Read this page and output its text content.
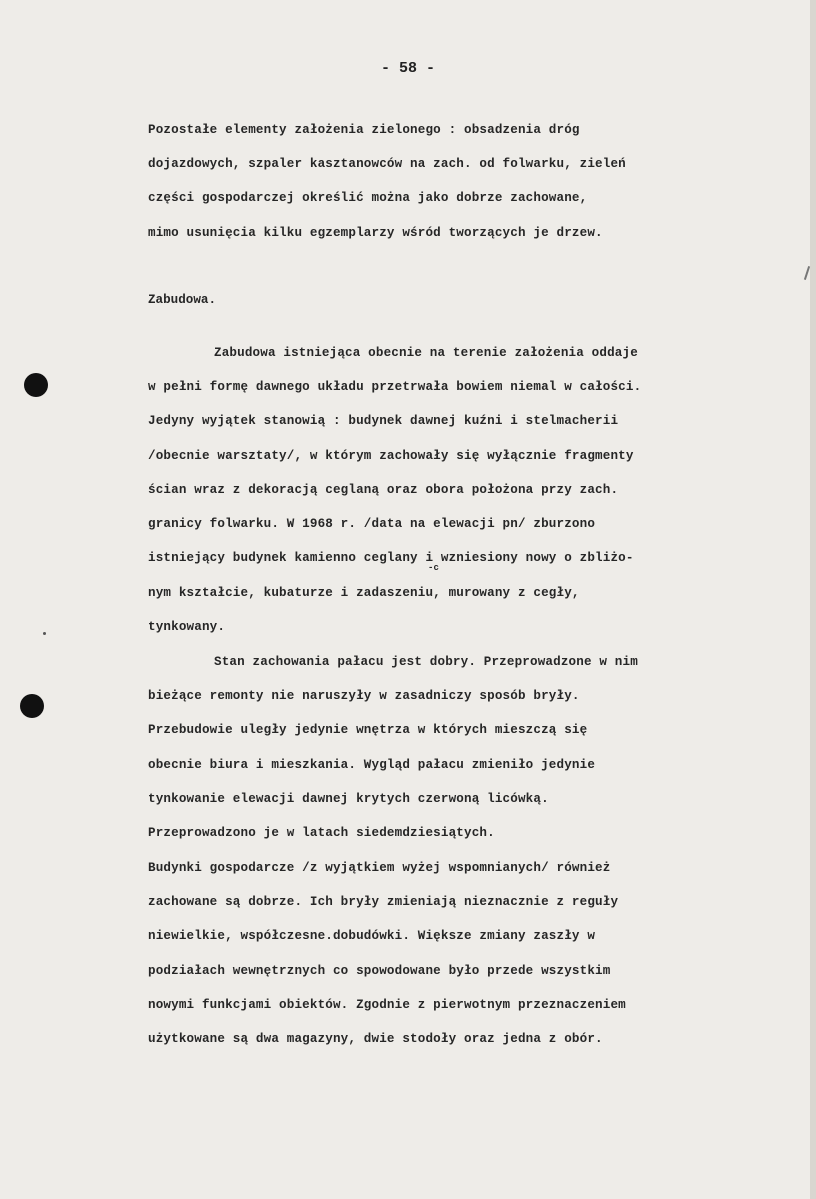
- 58 -

Pozostałe elementy założenia zielonego : obsadzenia dróg

dojazdowych, szpaler kasztanowców na zach. od folwarku, zieleń

części gospodarczej określić można jako dobrze zachowane,

mimo usunięcia kilku egzemplarzy wśród tworzących je drzew.

Zabudowa.

Zabudowa istniejąca obecnie na terenie założenia oddaje

w pełni formę dawnego układu przetrwała bowiem niemal w całości.

Jedyny wyjątek stanowią : budynek dawnej kuźni i stelmacherii

/obecnie warsztaty/, w którym zachowały się wyłącznie fragmenty

ścian wraz z dekoracją ceglaną oraz obora położona przy zach.

granicy folwarku. W 1968 r. /data na elewacji pn/ zburzono

istniejący budynek kamienno ceglany i wzniesiony nowy o zbliżo-

-c

nym kształcie, kubaturze i zadaszeniu, murowany z cegły,

tynkowany.

Stan zachowania pałacu jest dobry. Przeprowadzone w nim

bieżące remonty nie naruszyły w zasadniczy sposób bryły.

Przebudowie uległy jedynie wnętrza w których mieszczą się

obecnie biura i mieszkania. Wygląd pałacu zmieniło jedynie

tynkowanie elewacji dawnej krytych czerwoną licówką.

Przeprowadzono je w latach siedemdziesiątych.

Budynki gospodarcze /z wyjątkiem wyżej wspomnianych/ również

zachowane są dobrze. Ich bryły zmieniają nieznacznie z reguły

niewielkie, współczesne.dobudówki. Większe zmiany zaszły w

podziałach wewnętrznych co spowodowane było przede wszystkim

nowymi funkcjami obiektów. Zgodnie z pierwotnym przeznaczeniem

użytkowane są dwa magazyny, dwie stodoły oraz jedna z obór.
